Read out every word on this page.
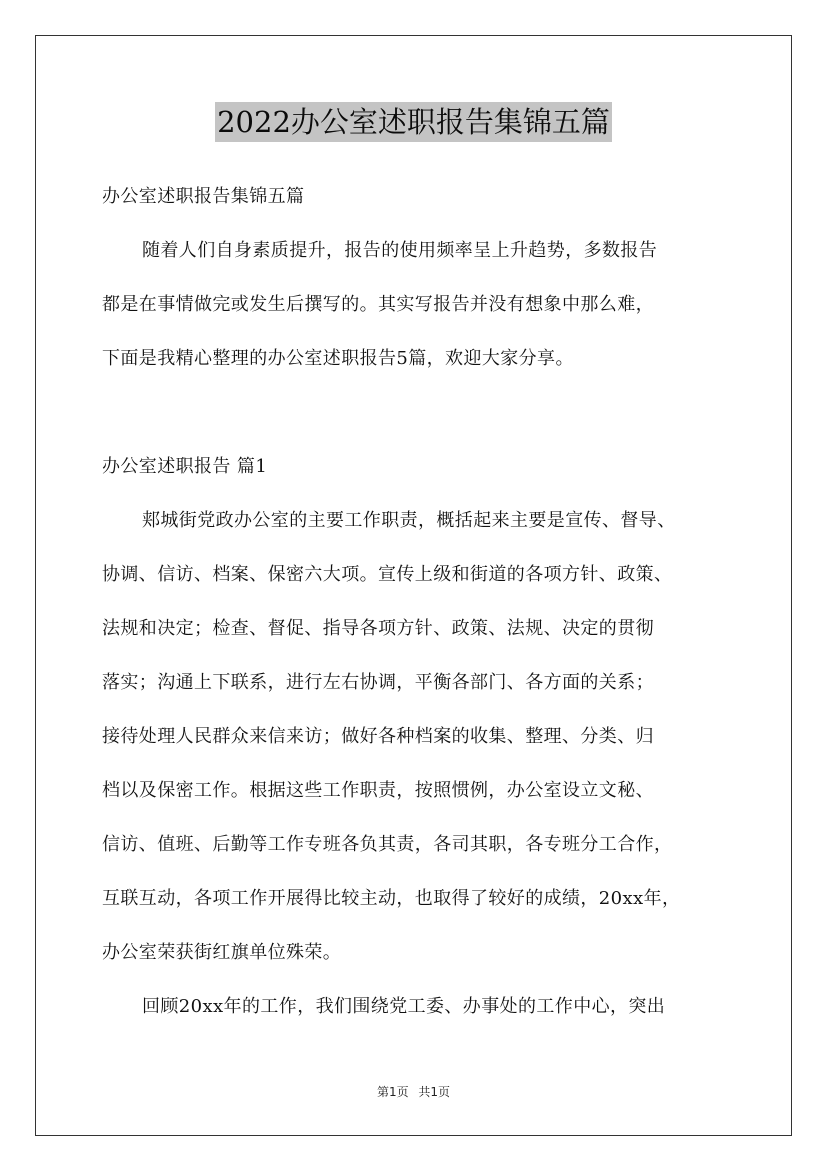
2022办公室述职报告集锦五篇
办公室述职报告集锦五篇
随着人们自身素质提升，报告的使用频率呈上升趋势，多数报告
都是在事情做完或发生后撰写的。其实写报告并没有想象中那么难，
下面是我精心整理的办公室述职报告5篇，欢迎大家分享。
办公室述职报告 篇1
郏城街党政办公室的主要工作职责，概括起来主要是宣传、督导、
协调、信访、档案、保密六大项。宣传上级和街道的各项方针、政策、
法规和决定；检查、督促、指导各项方针、政策、法规、决定的贯彻
落实；沟通上下联系，进行左右协调，平衡各部门、各方面的关系；
接待处理人民群众来信来访；做好各种档案的收集、整理、分类、归
档以及保密工作。根据这些工作职责，按照惯例，办公室设立文秘、
信访、值班、后勤等工作专班各负其责，各司其职，各专班分工合作，
互联互动，各项工作开展得比较主动，也取得了较好的成绩，20xx年，
办公室荣获街红旗单位殊荣。
回顾20xx年的工作，我们围绕党工委、办事处的工作中心，突出
第1页 共1页
